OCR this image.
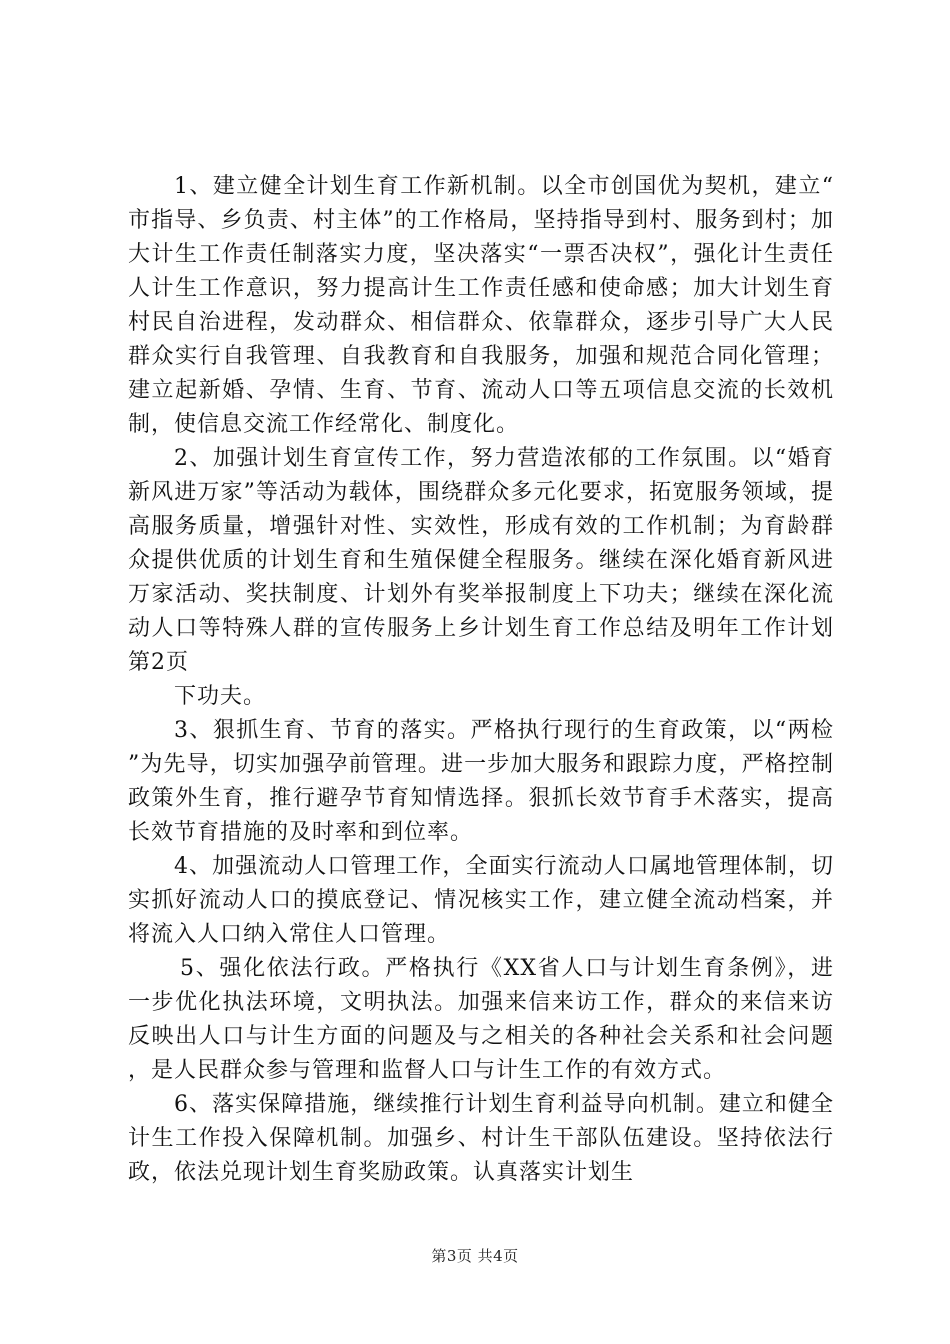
1、建立健全计划生育工作新机制。以全市创国优为契机，建立“市指导、乡负责、村主体”的工作格局，坚持指导到村、服务到村；加大计生工作责任制落实力度，坚决落实“一票否决权”，强化计生责任人计生工作意识，努力提高计生工作责任感和使命感；加大计划生育村民自治进程，发动群众、相信群众、依靠群众，逐步引导广大人民群众实行自我管理、自我教育和自我服务，加强和规范合同化管理；建立起新婚、孕情、生育、节育、流动人口等五项信息交流的长效机制，使信息交流工作经常化、制度化。

2、加强计划生育宣传工作，努力营造浓郁的工作氛围。以“婚育新风进万家”等活动为载体，围绕群众多元化要求，拓宽服务领域，提高服务质量，增强针对性、实效性，形成有效的工作机制；为育龄群众提供优质的计划生育和生殖保健全程服务。继续在深化婚育新风进万家活动、奖扶制度、计划外有奖举报制度上下功夫；继续在深化流动人口等特殊人群的宣传服务上乡计划生育工作总结及明年工作计划第2页

下功夫。

3、狠抓生育、节育的落实。严格执行现行的生育政策，以“两检”为先导，切实加强孕前管理。进一步加大服务和跟踪力度，严格控制政策外生育，推行避孕节育知情选择。狠抓长效节育手术落实，提高长效节育措施的及时率和到位率。

4、加强流动人口管理工作，全面实行流动人口属地管理体制，切实抓好流动人口的摸底登记、情况核实工作，建立健全流动档案，并将流入人口纳入常住人口管理。

5、强化依法行政。严格执行《XX省人口与计划生育条例》，进一步优化执法环境，文明执法。加强来信来访工作，群众的来信来访反映出人口与计生方面的问题及与之相关的各种社会关系和社会问题，是人民群众参与管理和监督人口与计生工作的有效方式。

6、落实保障措施，继续推行计划生育利益导向机制。建立和健全计生工作投入保障机制。加强乡、村计生干部队伍建设。坚持依法行政，依法兑现计划生育奖励政策。认真落实计划生

第3页 共4页
